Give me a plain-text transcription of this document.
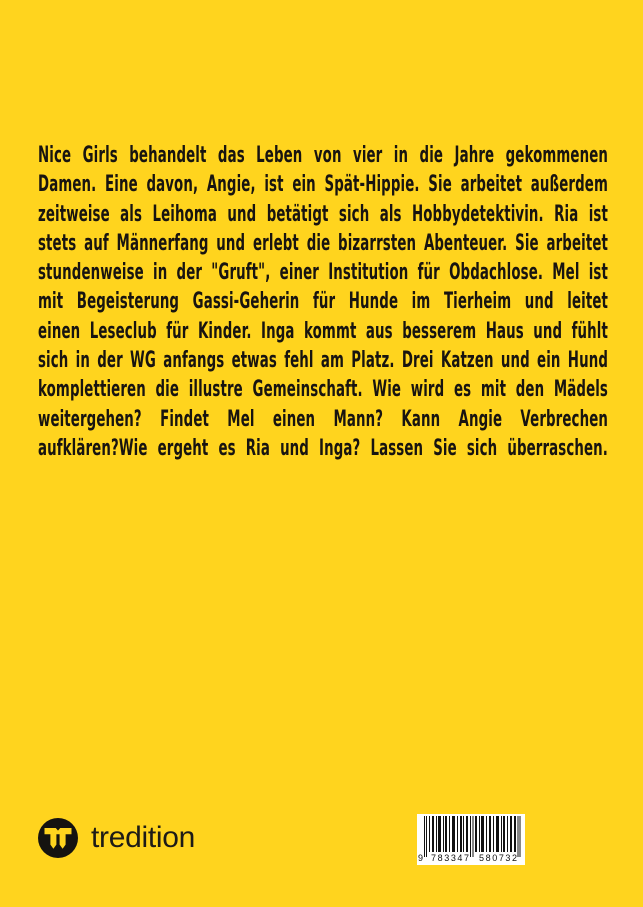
Nice Girls behandelt das Leben von vier in die Jahre gekommenen
Damen. Eine davon, Angie, ist ein Spät-Hippie. Sie arbeitet außerdem
zeitweise als Leihoma und betätigt sich als Hobbydetektivin. Ria ist
stets auf Männerfang und erlebt die bizarrsten Abenteuer. Sie arbeitet
stundenweise in der "Gruft", einer Institution für Obdachlose. Mel ist
mit Begeisterung Gassi-Geherin für Hunde im Tierheim und leitet
einen Leseclub für Kinder. Inga kommt aus besserem Haus und fühlt
sich in der WG anfangs etwas fehl am Platz. Drei Katzen und ein Hund
komplettieren die illustre Gemeinschaft. Wie wird es mit den Mädels
weitergehen? Findet Mel einen Mann? Kann Angie Verbrechen
aufklären?Wie ergeht es Ria und Inga? Lassen Sie sich überraschen.
tredition
9 783347 580732
